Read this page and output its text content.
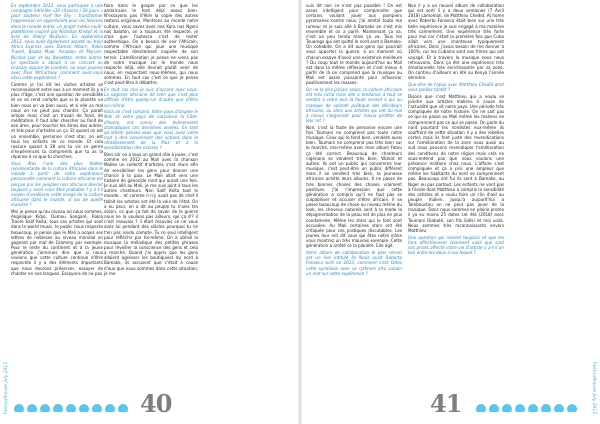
Festivalhouse July 2013

En septembre 2012, vous participez à une campagne intitulée «30 chances / 30 jours » pour soutenir Half the Sky : transformer l'oppression en opportunité pour les femmes dans le monde entier, un projet média multi-plateforme inspiré par Nicholas Kristof et la livre de Sheryl WuDunn. En septembre 2012, vous avez également assisté au train Africa Express avec Damon Albarn, Rokia Traoré, Baaba Maal, Amadou et Mariam, Nicolas Jaar et les Noisettes, entre autres. Le spectacle a abouti à un concert au Granary square de Londres, où vous jouerez avec Paul McCartney comment avez-vous vécu cette expérience ?

Comme je l'ai dit les visites artistes se reconnaissent entre eux à un moment ils y a plus d'âge, c'est une question de sensibilité et on se rend compte que si la planète va bien nous on va bien aussi, et si elle va mal nous on ne peut pas chanter. Ça paraît simple mais c'est un travail de fond, de méditation. Il faut aller chercher au fond de son âme, pour toucher les âmes des autres; et tels pour d'artistes un ça. Et quand on est un ensemble, personne n'est star, on est tous les enfants de ce monde. Et cela rassure quand à 28 ans tu vis ce genre d'expériences tu comprends que tu as la réponse à ce que tu cherches.

Vous êtes l'une des plus fidèles représentante de la culture Africaine dans le monde à partir de votre expérience personnelle comment la culture africaine est perçue par les peuples non africains devrait toujours y avoir vous êtes probable ? y a-t-il moyen d'améliorer cette image de la culture africaine dans le monde, si oui de quelle manière ?

Moi je pense qu'au niveau où nous sommes, Angelique Kidjo, Oumou Sangaré, Rokia Traore Salif Keita, tous ces artistes qui sont dans le world music, le public nous respecte beaucoup, je pense que le Mali a acquis ses lettres de noblesse au niveau mondial en gagnant par mal de Grammy par exemple. Pour le reste du continent et à la jeune génération j'aimerais dire que si nous voulons que cette culture continue d'être respectée il y a des éléments importants que nous devrons préserver, essayer de chanter en nos langues. Essayons de ne pas

faire dans le gospel par ce que les américains le font déjà assez bien. N'essayons pas d'être la copie des autres restons originaux. Montrons au monde notre culture, vous savez avec nos Kora nos Ngoni nos balafon, on a toujours été respecté, je crois que l'autosce c'est de rester authentique. On a besoin de voir l'Africain, comme l'Africain qui joue une musique respectable directement inspirée de son terroir. L'amélioration je pense ne viens pas de notre musique car le monde nous respecte déjà, elle devrait plutôt venir de nous, en respectant nous-mêmes, qui nous sommes. En tout cas c'est ce que je pense c'est peut-être à débattre.

En tout cas moi je suis d'accord avec vous. La sagesse africaine dit bien que c'est plus difficile d'être quelqu'un d'autre que d'être soi-même.

Voilà on c'est compris. Votre pays d'origine le Mali et votre pays de naissance la Côte-d'Ivoire, ont connu des évènements dramatiques ces dernières années. En tant qu'artiste pensez-vous que vous avez votre mot à dire concernant des actions dans le rétablissement de la Paix et à la sensibilisation des masses ?

Bien sûr on a tous un grand rôle à jouer, c'est comme en 2012 au Mali avec la chanson Maliko un collectif d'artistes s'est réuni afin de sensibiliser les gens pour donner une chance à la paix. Le Mali allait vers une histoire de génocide rond qui aurait une fois. Je suis allé au Mali, je me suis joint à tous les autres chanteurs. Non Salif Keita tout le monde... et comme il n'y avait pas de chef il fallait les artistes ont été la voix de l'état. On a eu peur, on a dit au peuple tu n'aies tes voisin, ce que ça fait de savoir de la guerre nous ne la voulons pas ailleurs, qui ça d'? il n'est mauvais ? il était mauvais ce ne vous avez lui pendant des siècles pourquoi tu ne t'en pas rendu compte. Tu ce seul intelligent pour réfléchir par toi-même. On a utilisé la musique la mélodique des petites phrases pour réveiller la conscience des gens et cela a marché. Quand j'ai appris que les gens allaient agresser les boutiquiers du nord à Bamako, ils accusent que c'était à cause d'eux que nous sommes dans cette situation, je me

40

suis dit non ce n'est pas possible ! On est assez intelligent pour comprendre que certains voulant jouer aux pompiers pyromanes contre nous. J'ai amitié toute ma rumeur et je suis allé à Bamako on s'est mis ensemble et on a parlé. Maintenant ça va, c'est un peu tendu mais ça va. Tous les Touaregs qui ont quitté le nord sont à Bamako. On cohabite. On a dit aux gens qui pourrait vous apporter la guerre, à un moment où chacun essaye d'avoir une existence meilleure ? Du coup tout le monde aujourd'hui au Mali est dans la même réflexion et c'est mieux à partir de là on comprend que la musique au Mali est assez puissante pour influencer positivement les masses.

On ne le dira jamais assez, la culture africaine est très riche mais elle a tendance à tout se vendre à votre avis la faute revient à qui au manque de volonté politique des décideurs africains, ou alors aux artistes qui ont du mal à mieux s'organiser pour mieux profiter de leur art ?

Non, c'est la faute de personne encore une fois Toumani ne comprend pas toute notre musique. Ceux qui le fond bien, vendent aussi bien. Toumani ne comprend pas très bien sur le marché, moi-même avec mon album Fatou ça été correct. Beaucoup de chanteurs nigérians se vendent très bien, Wizkid et autres. Ils ont un public qui consomme leur musique, c'est peut-être un public différent mais il se vendent très bien, la jeunesse africaine achète leurs albums. Il ne passe de très bonnes choses des choses vraiment positives. J'ai l'impression que cette génération a compris qu'il ne faut pas se culpabiliser et accuser d'être africain. Il se passe beaucoup de chose au niveau même du look, les cheveux naturels sont à la mode la dépigmentation de la peau est de plus en plus condamnée. Même les stars qui le font sont accusées. Au Mali certaines stars ont été critiquée pour ces pratiques discutables. Les jeunes leur ont dit vous qui êtes notre icône vous montrez un très mauvais exemple. Cette génération a arrêté ce la planète. Elle agit.

Votre album de collaboration le plus récent est un live intitulé Ils Nous avait Roberto Fonseca sorti en 2013, comment s'est faites cette symbiose avec ce rythmes afro cubain un mot sur cette expérience ?

Non il y a un nouvel album de collaboration qui est sorti il y a deux semaines (7 Avril 2018) Lamomali, de Matthieu Chedid. At home avec Roberto Fonseca était bien sur une très belle expérience je suis engagé à ma manière très calmement. Une expérience très forte pour moi car c'était la première fois que Cuba allait vers une chanteuse typiquement africaine. Donc j'avais besoin de me donner à 100%, car les Cubains sont nos frères qui ont voyagé. Et à travers la musique nous nous retrouvons. Donc ça été une expérience très émotionnelle très enrichissante par sa zone. On continu d'ailleurs en été au Kenya l'année dernière.

Que dire de l'opus avec Matthieu Chedid dont vous parliez tantôt ?

Disons que c'est Matthieu qui a voulu se joindre aux artistes maliens à cause de l'actualité que vit notre pays. Une période très compliquée de notre histoire. On ne sait pas ce qui se passe au Mali même les maliens ne comprennent pas ce qui se passe. On parle du nord pourtant les nordistes eux-même ils souffrent de cette situation il y a des rebelles certes mais ils font juste des revendications sur l'amélioration de la zone nous aussi au sud nous pouvons revendiquer l'amélioration des conditions de notre région mais cela ne sous-entend pas que nous voulons une présence militaire chez nous. L'affaire s'est compliquée et ça a pris une ampleur que même les habitants du nord ne comprennent pas. Beaucoup ont fui ils sont à Bamako, au Niger ou pas partout. Les enfants ne vont pas à l'école dont Matthieu a compris la sensibilité des artistes et a voulu faire un clin d'œil au peuple malien. Jusqu'à aujourd'hui a Tombouctou on ne peut pas jouer de la musique. Donc nous sommes en pleine promo il ya eu moins 25 dates cet été (2018) avec Toumani Diabaté, son fils Sidiki et moi voilà. Nous sommes très reconnaissants envers Matthieu

Une question qui revient toujours et que les fans affectionnent comment voilà que sont vos prises affecté votre vie d'artiste y a-t-il un lien entre les deux si oui lequel ?

41	Festivalhouse July 2013
